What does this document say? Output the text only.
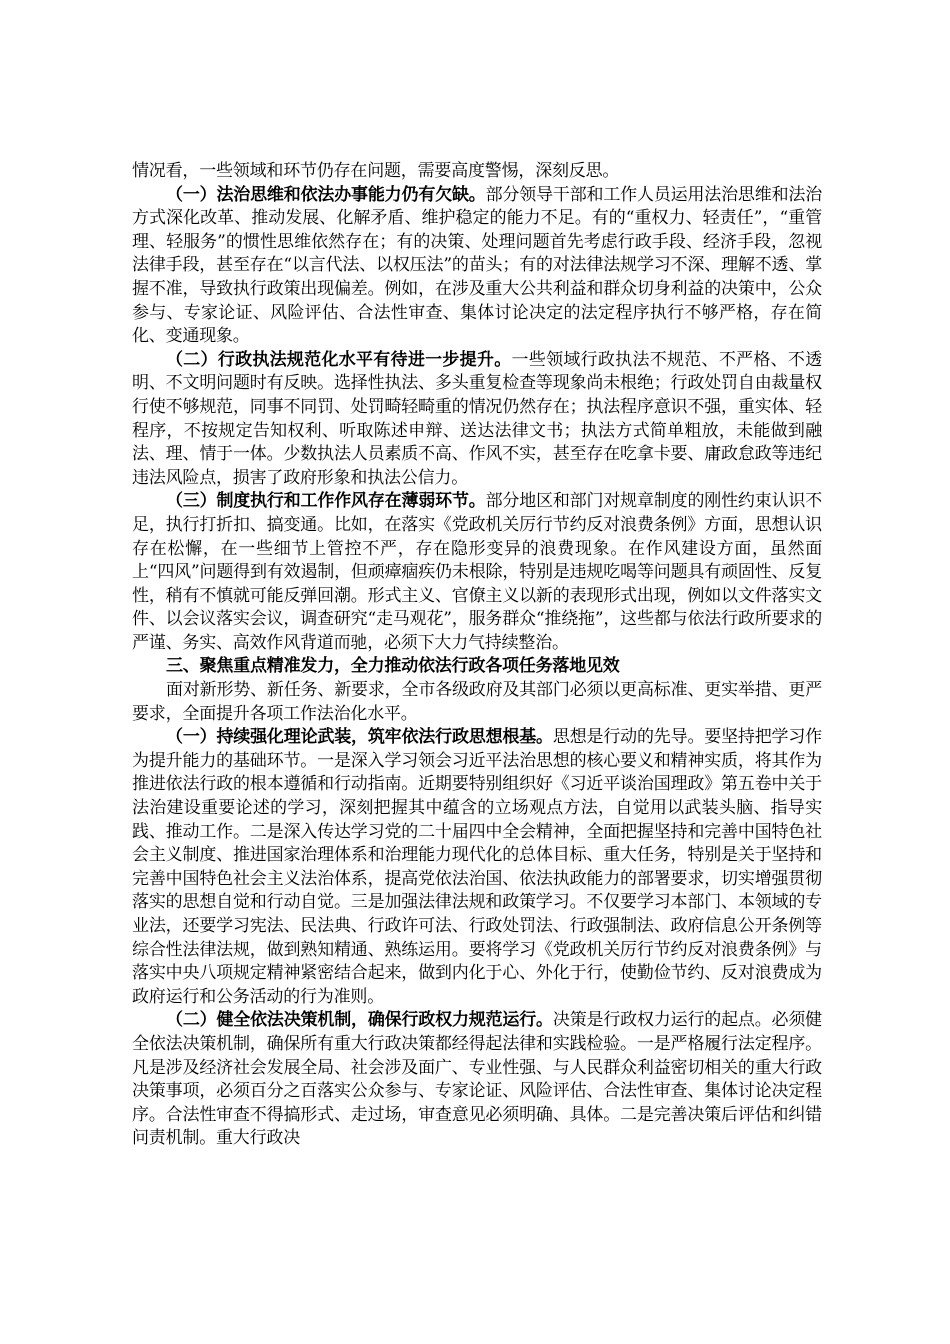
情况看，一些领域和环节仍存在问题，需要高度警惕，深刻反思。

（一）法治思维和依法办事能力仍有欠缺。部分领导干部和工作人员运用法治思维和法治方式深化改革、推动发展、化解矛盾、维护稳定的能力不足。有的“重权力、轻责任”，“重管理、轻服务”的惯性思维依然存在；有的决策、处理问题首先考虑行政手段、经济手段，忽视法律手段，甚至存在“以言代法、以权压法”的苗头；有的对法律法规学习不深、理解不透、掌握不准，导致执行政策出现偏差。例如，在涉及重大公共利益和群众切身利益的决策中，公众参与、专家论证、风险评估、合法性审查、集体讨论决定的法定程序执行不够严格，存在简化、变通现象。

（二）行政执法规范化水平有待进一步提升。一些领域行政执法不规范、不严格、不透明、不文明问题时有反映。选择性执法、多头重复检查等现象尚未根绝；行政处罚自由裁量权行使不够规范，同事不同罚、处罚畸轻畸重的情况仍然存在；执法程序意识不强，重实体、轻程序，不按规定告知权利、听取陈述申辩、送达法律文书；执法方式简单粗放，未能做到融法、理、情于一体。少数执法人员素质不高、作风不实，甚至存在吃拿卡要、庸政怠政等违纪违法风险点，损害了政府形象和执法公信力。

（三）制度执行和工作作风存在薄弱环节。部分地区和部门对规章制度的刚性约束认识不足，执行打折扣、搞变通。比如，在落实《党政机关厉行节约反对浪费条例》方面，思想认识存在松懈，在一些细节上管控不严，存在隐形变异的浪费现象。在作风建设方面，虽然面上“四风”问题得到有效遏制，但顽瘴痼疾仍未根除，特别是违规吃喝等问题具有顽固性、反复性，稍有不慎就可能反弹回潮。形式主义、官僚主义以新的表现形式出现，例如以文件落实文件、以会议落实会议，调查研究“走马观花”，服务群众“推绕拖”，这些都与依法行政所要求的严谨、务实、高效作风背道而驰，必须下大力气持续整治。

三、聚焦重点精准发力，全力推动依法行政各项任务落地见效

面对新形势、新任务、新要求，全市各级政府及其部门必须以更高标准、更实举措、更严要求，全面提升各项工作法治化水平。

（一）持续强化理论武装，筑牢依法行政思想根基。思想是行动的先导。要坚持把学习作为提升能力的基础环节。一是深入学习领会习近平法治思想的核心要义和精神实质，将其作为推进依法行政的根本遵循和行动指南。近期要特别组织好《习近平谈治国理政》第五卷中关于法治建设重要论述的学习，深刻把握其中蕴含的立场观点方法，自觉用以武装头脑、指导实践、推动工作。二是深入传达学习党的二十届四中全会精神，全面把握坚持和完善中国特色社会主义制度、推进国家治理体系和治理能力现代化的总体目标、重大任务，特别是关于坚持和完善中国特色社会主义法治体系，提高党依法治国、依法执政能力的部署要求，切实增强贯彻落实的思想自觉和行动自觉。三是加强法律法规和政策学习。不仅要学习本部门、本领域的专业法，还要学习宪法、民法典、行政许可法、行政处罚法、行政强制法、政府信息公开条例等综合性法律法规，做到熟知精通、熟练运用。要将学习《党政机关厉行节约反对浪费条例》与落实中央八项规定精神紧密结合起来，做到内化于心、外化于行，使勤俭节约、反对浪费成为政府运行和公务活动的行为准则。

（二）健全依法决策机制，确保行政权力规范运行。决策是行政权力运行的起点。必须健全依法决策机制，确保所有重大行政决策都经得起法律和实践检验。一是严格履行法定程序。凡是涉及经济社会发展全局、社会涉及面广、专业性强、与人民群众利益密切相关的重大行政决策事项，必须百分之百落实公众参与、专家论证、风险评估、合法性审查、集体讨论决定程序。合法性审查不得搞形式、走过场，审查意见必须明确、具体。二是完善决策后评估和纠错问责机制。重大行政决
